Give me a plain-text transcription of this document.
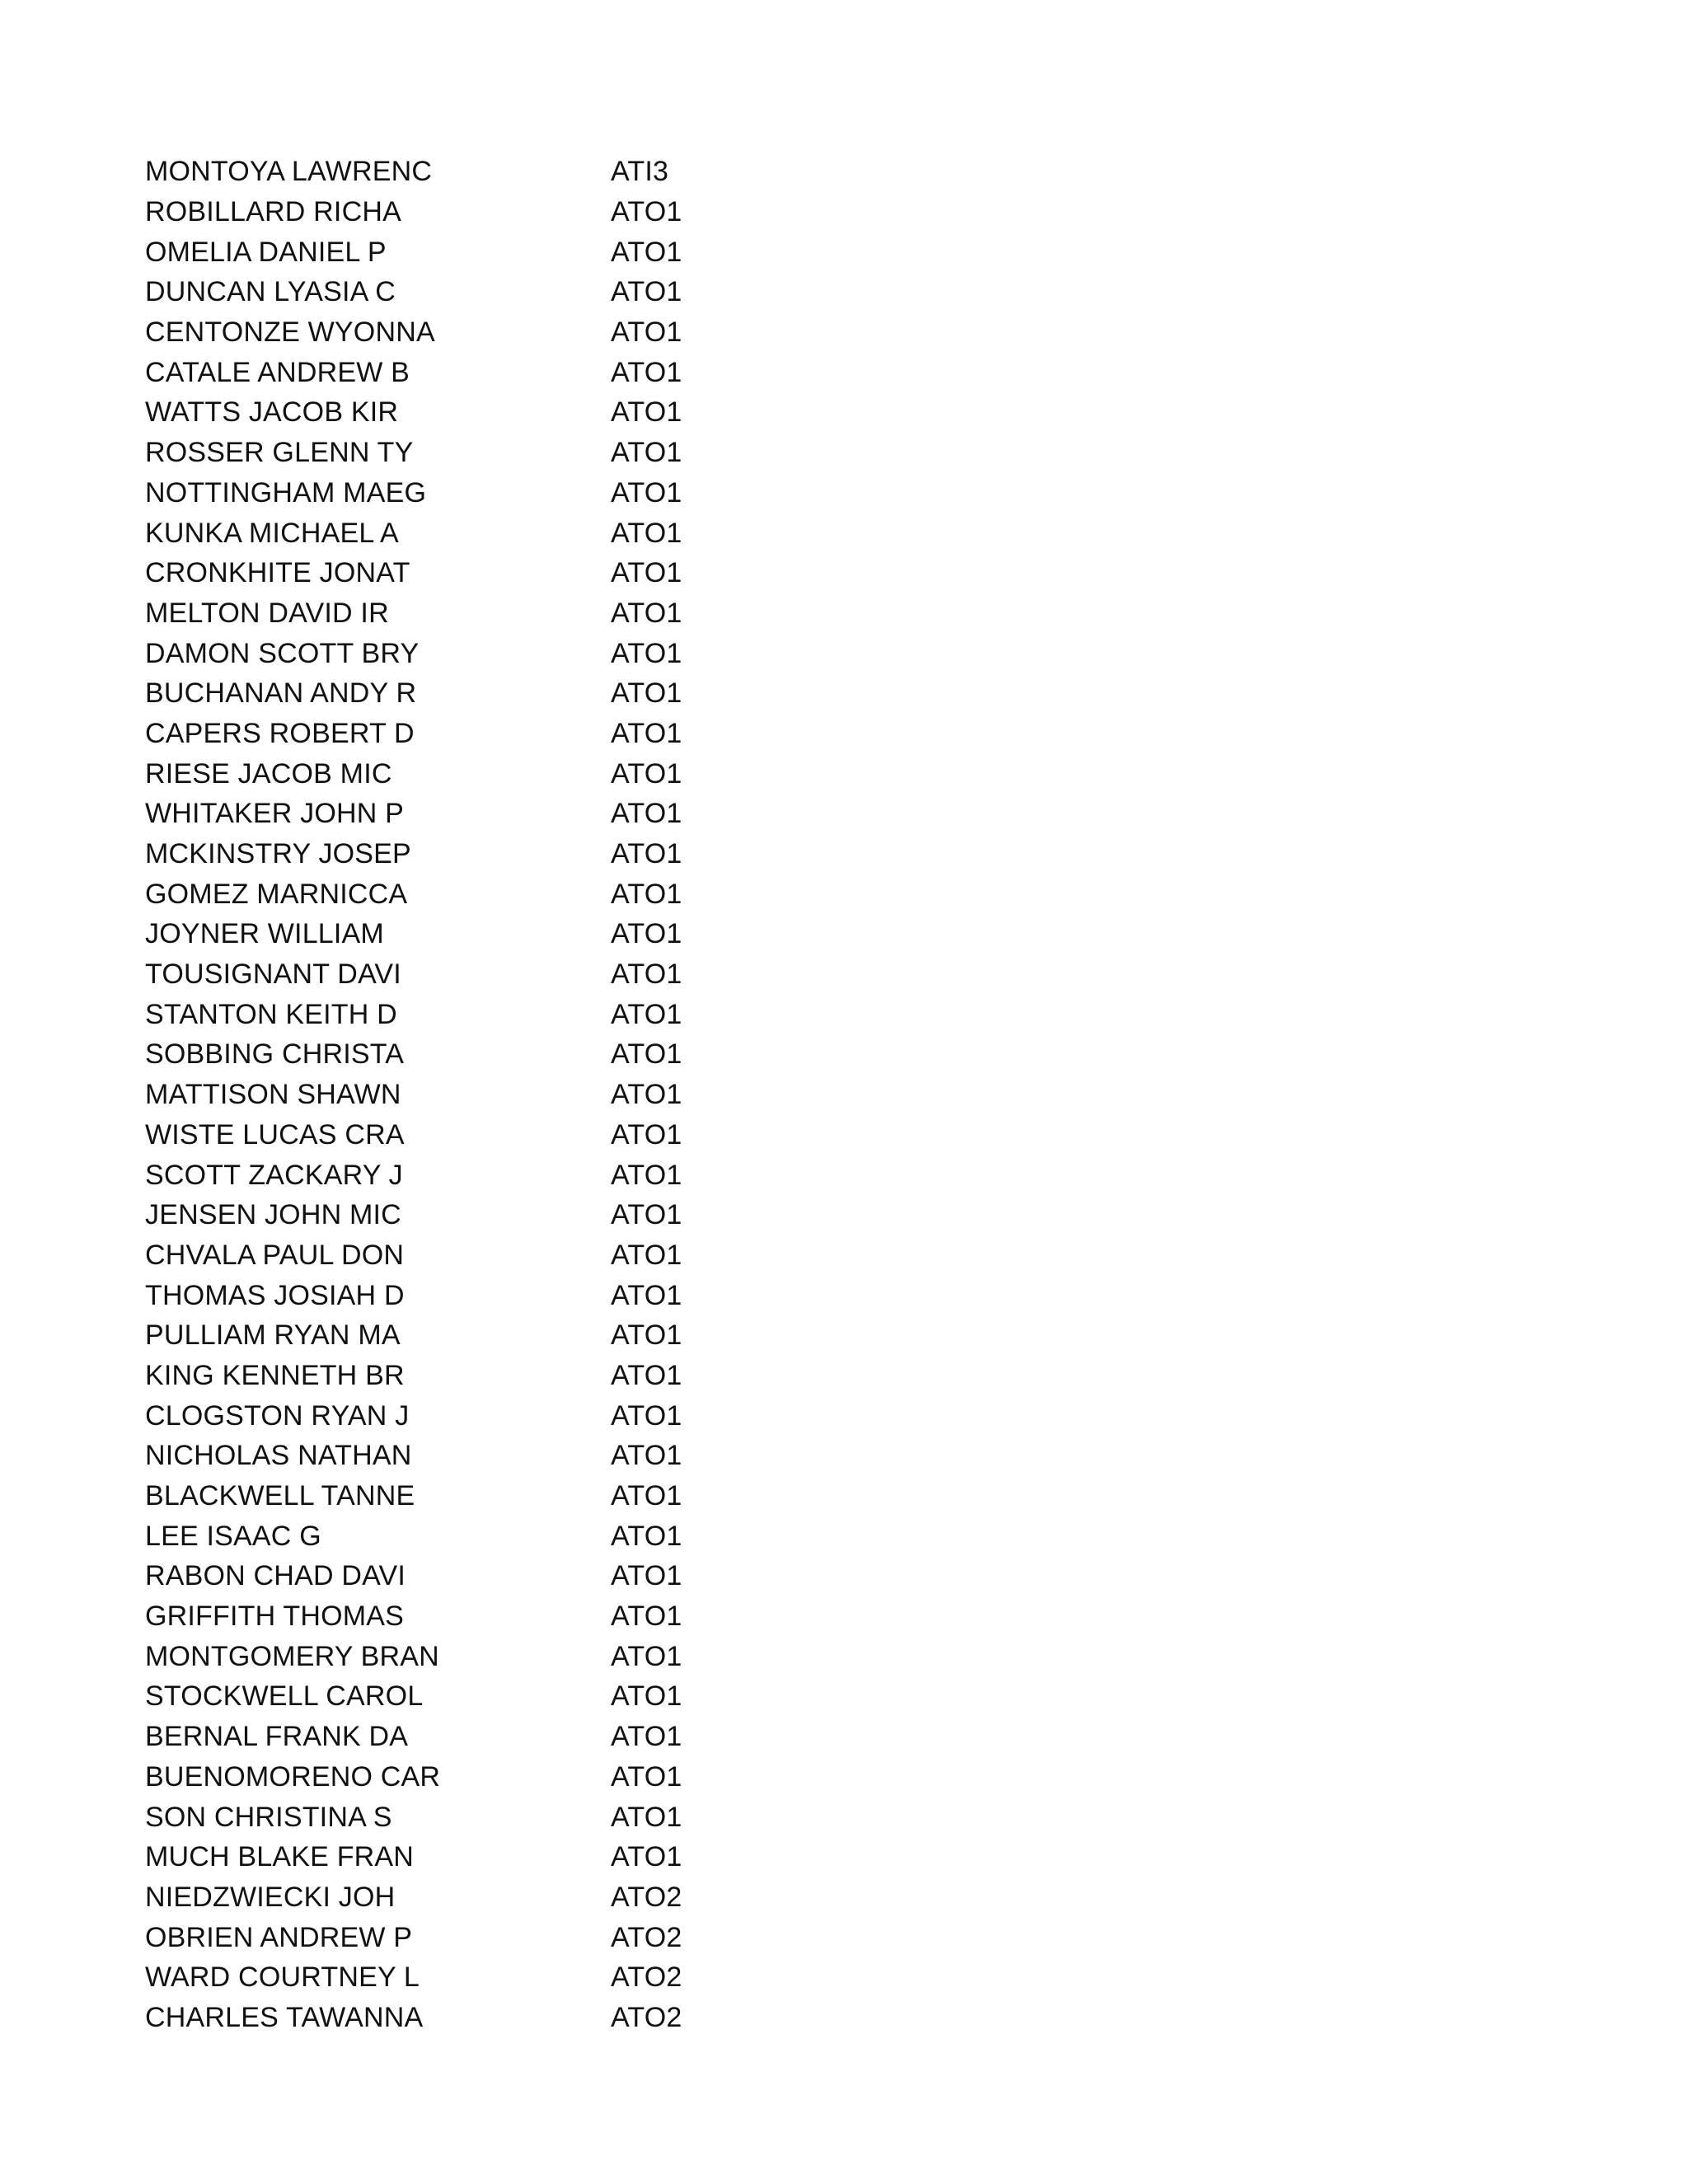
MONTOYA LAWRENC	ATI3
ROBILLARD RICHA	ATO1
OMELIA DANIEL P	ATO1
DUNCAN LYASIA C	ATO1
CENTONZE WYONNA	ATO1
CATALE ANDREW B	ATO1
WATTS JACOB KIR	ATO1
ROSSER GLENN TY	ATO1
NOTTINGHAM MAEG	ATO1
KUNKA MICHAEL A	ATO1
CRONKHITE JONAT	ATO1
MELTON DAVID IR	ATO1
DAMON SCOTT BRY	ATO1
BUCHANAN ANDY R	ATO1
CAPERS ROBERT D	ATO1
RIESE JACOB MIC	ATO1
WHITAKER JOHN P	ATO1
MCKINSTRY JOSEP	ATO1
GOMEZ MARNICCA	ATO1
JOYNER WILLIAM	ATO1
TOUSIGNANT DAVI	ATO1
STANTON KEITH D	ATO1
SOBBING CHRISTA	ATO1
MATTISON SHAWN	ATO1
WISTE LUCAS CRA	ATO1
SCOTT ZACKARY J	ATO1
JENSEN JOHN MIC	ATO1
CHVALA PAUL DON	ATO1
THOMAS JOSIAH D	ATO1
PULLIAM RYAN MA	ATO1
KING KENNETH BR	ATO1
CLOGSTON RYAN J	ATO1
NICHOLAS NATHAN	ATO1
BLACKWELL TANNE	ATO1
LEE ISAAC G	ATO1
RABON CHAD DAVI	ATO1
GRIFFITH THOMAS	ATO1
MONTGOMERY BRAN	ATO1
STOCKWELL CAROL	ATO1
BERNAL FRANK DA	ATO1
BUENOMORENO CAR	ATO1
SON CHRISTINA S	ATO1
MUCH BLAKE FRAN	ATO1
NIEDZWIECKI JOH	ATO2
OBRIEN ANDREW P	ATO2
WARD COURTNEY L	ATO2
CHARLES TAWANNA	ATO2
